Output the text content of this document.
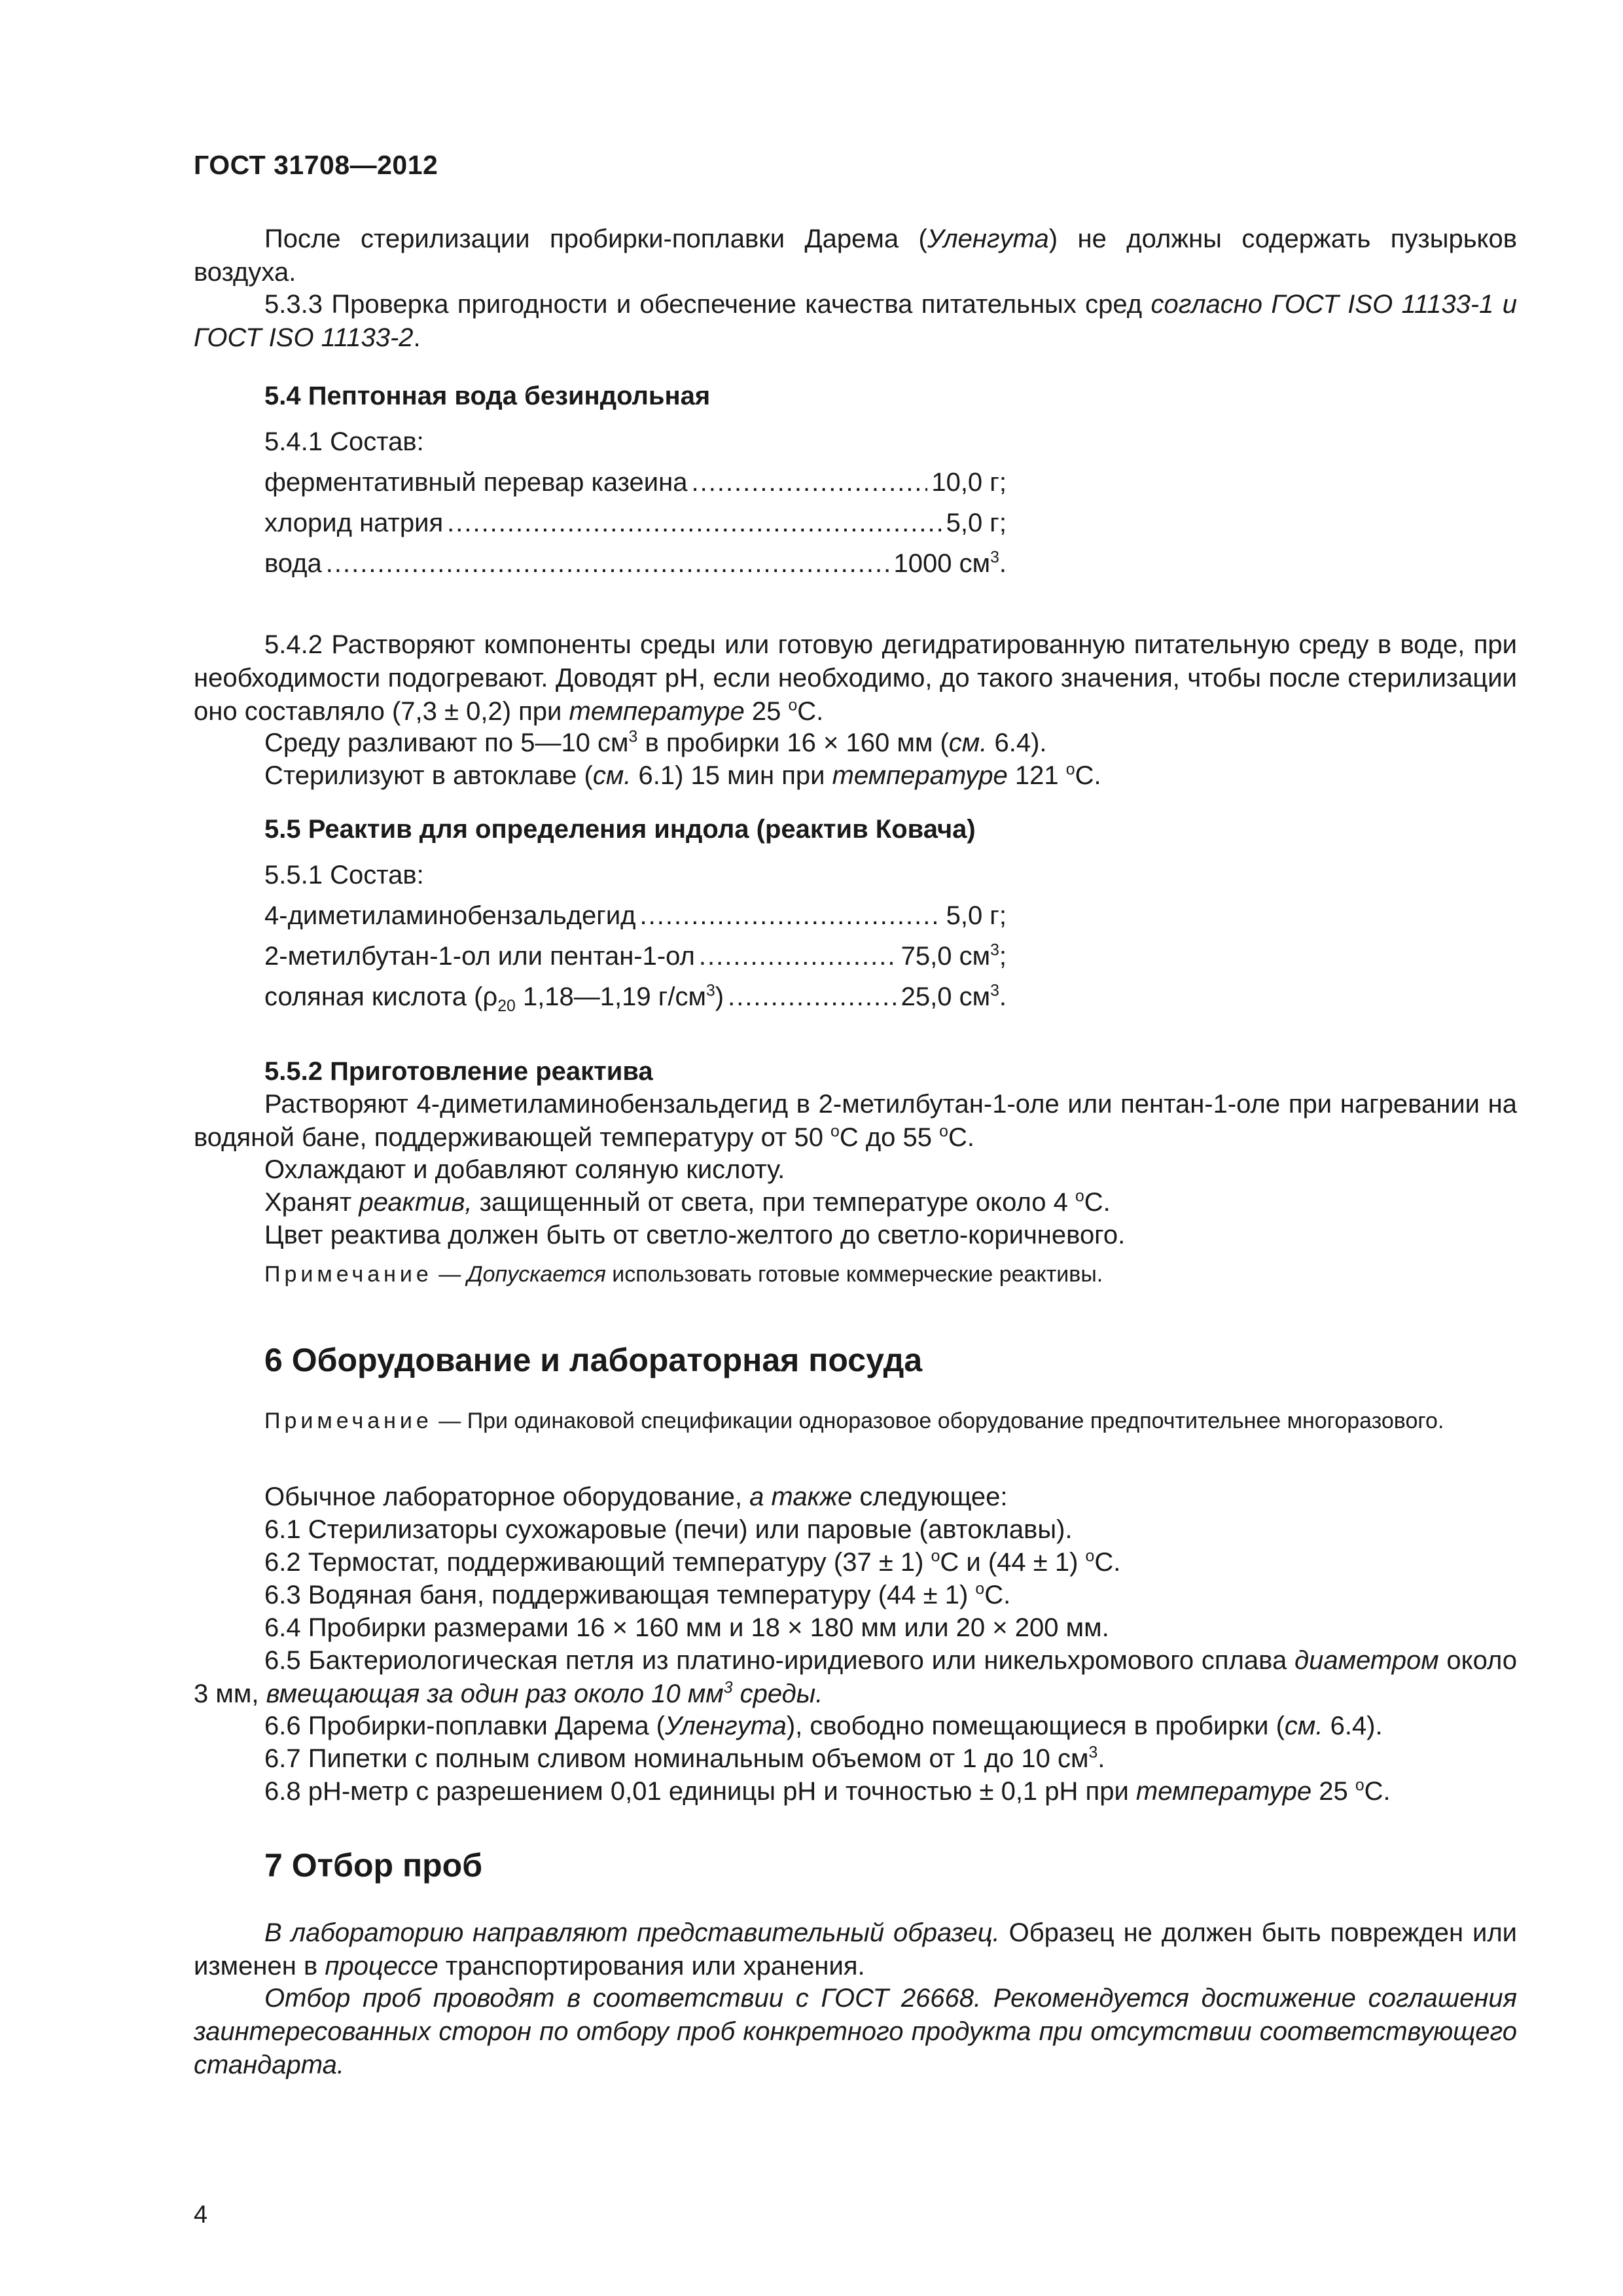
ГОСТ 31708—2012
После стерилизации пробирки-поплавки Дарема (Уленгута) не должны содержать пузырьков воздуха.
5.3.3 Проверка пригодности и обеспечение качества питательных сред согласно ГОСТ ISO 11133-1 и ГОСТ ISO 11133-2.
5.4 Пептонная вода безиндольная
5.4.1 Состав:
ферментативный перевар казеина .....	10,0 г;
хлорид натрия .....	5,0 г;
вода .....	1000 $см^3$.
5.4.2 Растворяют компоненты среды или готовую дегидратированную питательную среду в воде, при необходимости подогревают. Доводят pH, если необходимо, до такого значения, чтобы после стерилизации оно составляло (7,3 ± 0,2) при температуре 25 $^o$C.
Среду разливают по 5—10 $см^3$ в пробирки 16 × 160 мм (см. 6.4).
Стерилизуют в автоклаве (см. 6.1) 15 мин при температуре 121 $^o$C.
5.5 Реактив для определения индола (реактив Ковача)
5.5.1 Состав:
4-диметиламинобензальдегид .....	5,0 г;
2-метилбутан-1-ол или пентан-1-ол .....	75,0 $см^3$;
соляная кислота ($\rho_{20}$ 1,18—1,19 $г/см^3$) .....	25,0 $см^3$.
5.5.2 Приготовление реактива
Растворяют 4-диметиламинобензальдегид в 2-метилбутан-1-оле или пентан-1-оле при нагревании на водяной бане, поддерживающей температуру от 50 $^o$C до 55 $^o$C.
Охлаждают и добавляют соляную кислоту.
Хранят реактив, защищенный от света, при температуре около 4 $^o$C.
Цвет реактива должен быть от светло-желтого до светло-коричневого.
Примечание — Допускается использовать готовые коммерческие реактивы.
6 Оборудование и лабораторная посуда
Примечание — При одинаковой спецификации одноразовое оборудование предпочтительнее многоразового.
Обычное лабораторное оборудование, а также следующее:
6.1 Стерилизаторы сухожаровые (печи) или паровые (автоклавы).
6.2 Термостат, поддерживающий температуру (37 ± 1) $^o$C и (44 ± 1) $^o$C.
6.3 Водяная баня, поддерживающая температуру (44 ± 1) $^o$C.
6.4 Пробирки размерами 16 × 160 мм и 18 × 180 мм или 20 × 200 мм.
6.5 Бактериологическая петля из платино-иридиевого или никельхромового сплава диаметром около 3 мм, вмещающая за один раз около 10 $мм^3$ среды.
6.6 Пробирки-поплавки Дарема (Уленгута), свободно помещающиеся в пробирки (см. 6.4).
6.7 Пипетки с полным сливом номинальным объемом от 1 до 10 $см^3$.
6.8 pH-метр с разрешением 0,01 единицы pH и точностью ± 0,1 pH при температуре 25 $^o$C.
7 Отбор проб
В лабораторию направляют представительный образец. Образец не должен быть поврежден или изменен в процессе транспортирования или хранения.
Отбор проб проводят в соответствии с ГОСТ 26668. Рекомендуется достижение соглашения заинтересованных сторон по отбору проб конкретного продукта при отсутствии соответствующего стандарта.
4
